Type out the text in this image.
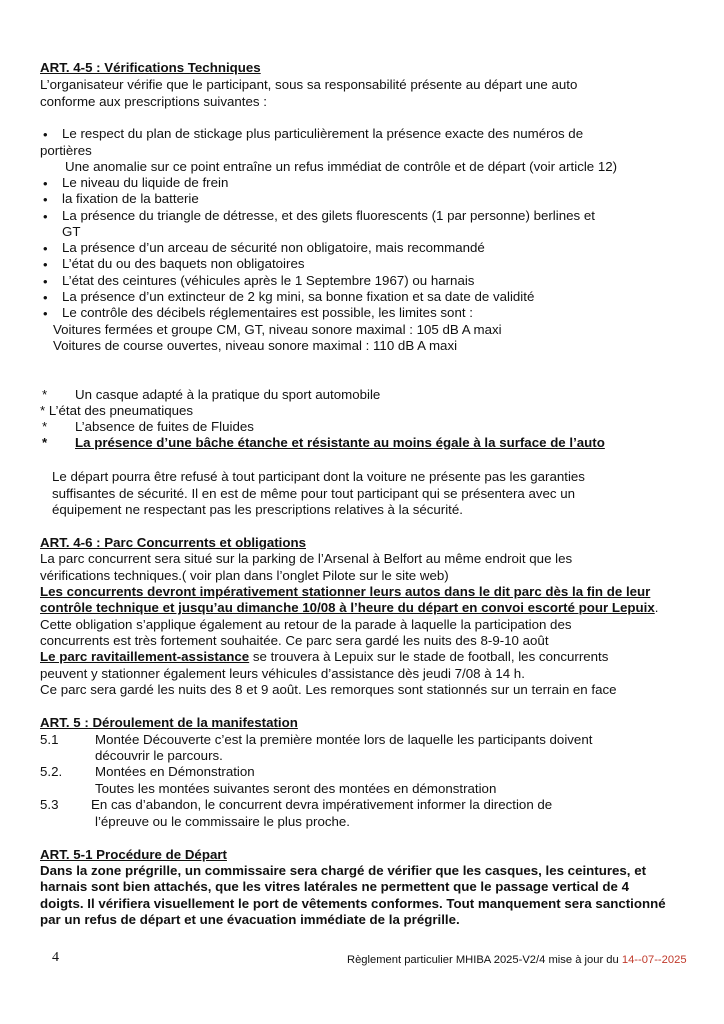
ART. 4-5 : Vérifications Techniques
L’organisateur vérifie que le participant, sous sa responsabilité présente au départ une auto
conforme aux prescriptions suivantes :
• Le respect du plan de stickage plus particulièrement la présence exacte des numéros de
portières
Une anomalie sur ce point entraîne un refus immédiat de contrôle et de départ (voir article 12)
• Le niveau du liquide de frein
• la fixation de la batterie
• La présence du triangle de détresse, et des gilets fluorescents (1 par personne) berlines et
GT
• La présence d’un arceau de sécurité non obligatoire, mais recommandé
• L’état du ou des baquets non obligatoires
• L’état des ceintures (véhicules après le 1 Septembre 1967) ou harnais
• La présence d’un extincteur de 2 kg mini, sa bonne fixation et sa date de validité
• Le contrôle des décibels réglementaires est possible, les limites sont :
Voitures fermées et groupe CM, GT, niveau sonore maximal : 105 dB A maxi
Voitures de course ouvertes, niveau sonore maximal : 110 dB A maxi
* Un casque adapté à la pratique du sport automobile
* L’état des pneumatiques
* L’absence de fuites de Fluides
* La présence d’une bâche étanche et résistante au moins égale à la surface de l’auto
Le départ pourra être refusé à tout participant dont la voiture ne présente pas les garanties
suffisantes de sécurité. Il en est de même pour tout participant qui se présentera avec un
équipement ne respectant pas les prescriptions relatives à la sécurité.
ART. 4-6 : Parc Concurrents et obligations
La parc concurrent sera situé sur la parking de l’Arsenal à Belfort au même endroit que les
vérifications techniques.( voir plan dans l’onglet Pilote sur le site web)
Les concurrents devront impérativement stationner leurs autos dans le dit parc dès la fin de leur
contrôle technique et jusqu’au dimanche 10/08 à l’heure du départ en convoi escorté pour Lepuix.
Cette obligation s’applique également au retour de la parade à laquelle la participation des
concurrents est très fortement souhaitée. Ce parc sera gardé les nuits des 8-9-10 août
Le parc ravitaillement-assistance se trouvera à Lepuix sur le stade de football, les concurrents
peuvent y stationner également leurs véhicules d’assistance dès jeudi 7/08 à 14 h.
Ce parc sera gardé les nuits des 8 et 9 août. Les remorques sont stationnés sur un terrain en face
ART. 5 : Déroulement de la manifestation
5.1	Montée Découverte c’est la première montée lors de laquelle les participants doivent
découvrir le parcours.
5.2. Montées en Démonstration
Toutes les montées suivantes seront des montées en démonstration
5.3 En cas d’abandon, le concurrent devra impérativement informer la direction de
l’épreuve ou le commissaire le plus proche.
ART. 5-1 Procédure de Départ
Dans la zone prégrille, un commissaire sera chargé de vérifier que les casques, les ceintures, et
harnais sont bien attachés, que les vitres latérales ne permettent que le passage vertical de 4
doigts. Il vérifiera visuellement le port de vêtements conformes. Tout manquement sera sanctionné
par un refus de départ et une évacuation immédiate de la prégrille.
4	Règlement particulier MHIBA 2025-V2/4 mise à jour du 14--07--2025
